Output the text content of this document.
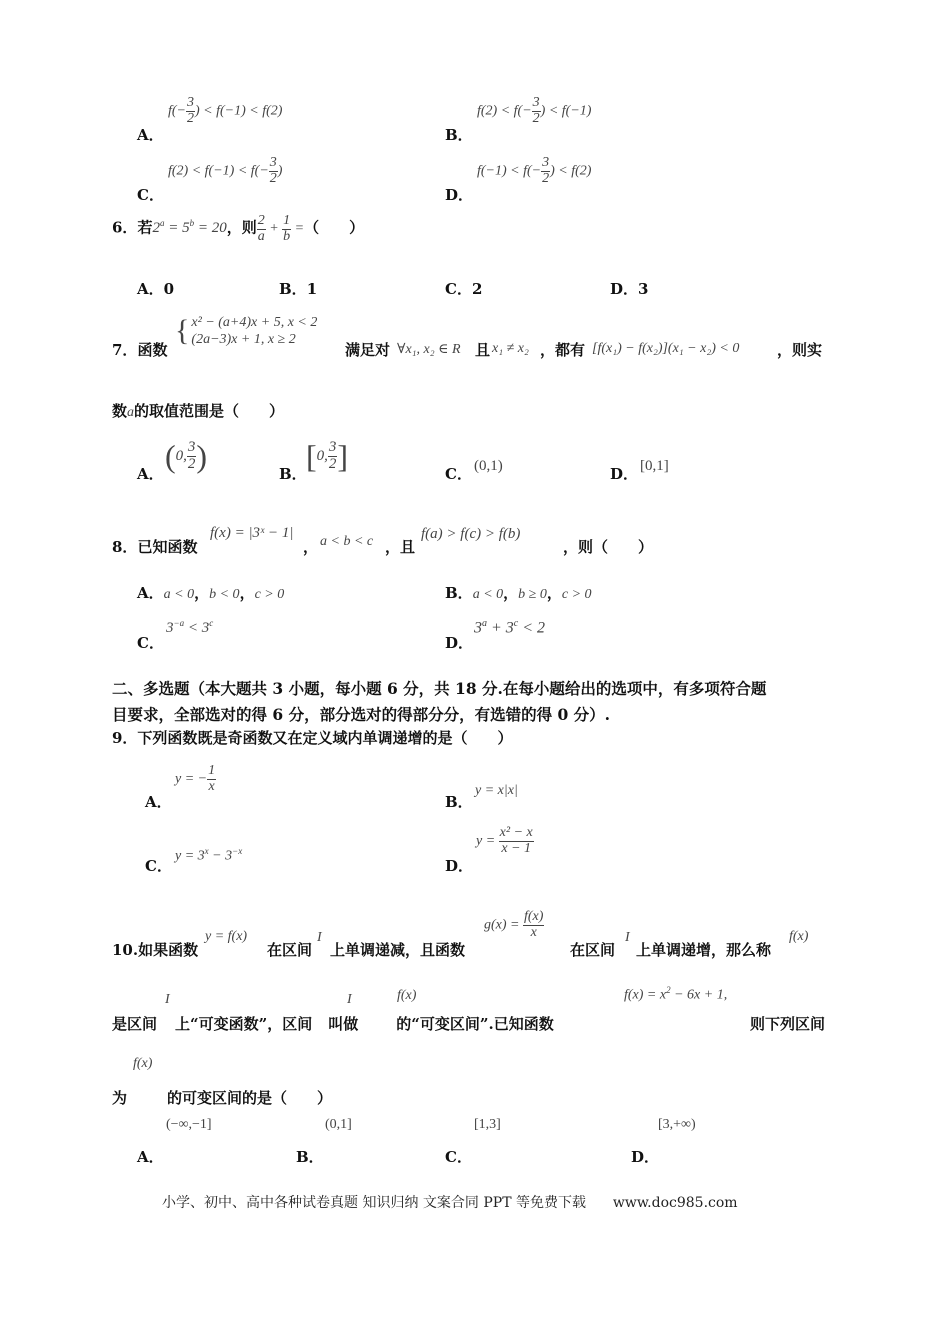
$f(- \frac{3}{2}$ ) < f(−1) < f(2)
A．
$f(2) < f(- \frac{3}{2}$ ) < f(−1)
B．
$f(2) < f(-1) < f(- \frac{3}{2}$ )
C．
$f(-1) < f(- \frac{3}{2}$ ) < f(2)
D．
6．若$2^a = 5^b = 20$，则 $\frac{2}{a} + \frac{1}{b}$ =（　　）
A．0	B．1	C．2	D．3
7．函数
{	x² − (a+4)x + 5, x < 2
(2a−3)x + 1, x ≥ 2
满足对 ∀x₁, x₂ ∈ R 且 x₁ ≠ x₂ ，都有 [f(x₁) − f(x₂)](x₁ − x₂) < 0	，则实
数a的取值范围是（　　）
A． (0, $\frac{3}{2}$ )	B． [0, $\frac{3}{2}$ ]	C． (0,1)	D． [0,1]
8．已知函数
f(x) = |3ˣ − 1|
， a < b < c ，且
f(a) > f(c) > f(b)
，则（　　）
A．a < 0，b < 0，c > 0	B．a < 0，b ≥ 0，c > 0
C．
$3^{-a} < 3^c$
D．
$3^a + 3^c < 2$
二、多选题（本大题共 3 小题，每小题 6 分，共 18 分.在每小题给出的选项中，有多项符合题
目要求，全部选对的得 6 分，部分选对的得部分分，有选错的得 0 分）.
9．下列函数既是奇函数又在定义域内单调递增的是（　　）
y = − $\frac{1}{x}$
A．
y = x|x|
B．
$y = 3^x - 3^{-x}$
C．
$y = \frac{\text{x² − x}}{x - 1}$
D．
10.如果函数
y = f(x)
在区间
I
上单调递减，且函数
$g(x) = \frac{f(x)}{x}$
在区间
I
上单调递增，那么称
f(x)
I	I	f(x)	$f(x) = x^2 - 6x + 1$,
是区间 上“可变函数”，区间 叫做	的“可变区间”.已知函数	则下列区间
f(x)
为	的可变区间的是（　　）
(−∞,−1]
A．
(0,1]
B．
[1,3]
C．
[3,+∞)
D．
小学、初中、高中各种试卷真题 知识归纳 文案合同 PPT 等免费下载 www.doc985.com
